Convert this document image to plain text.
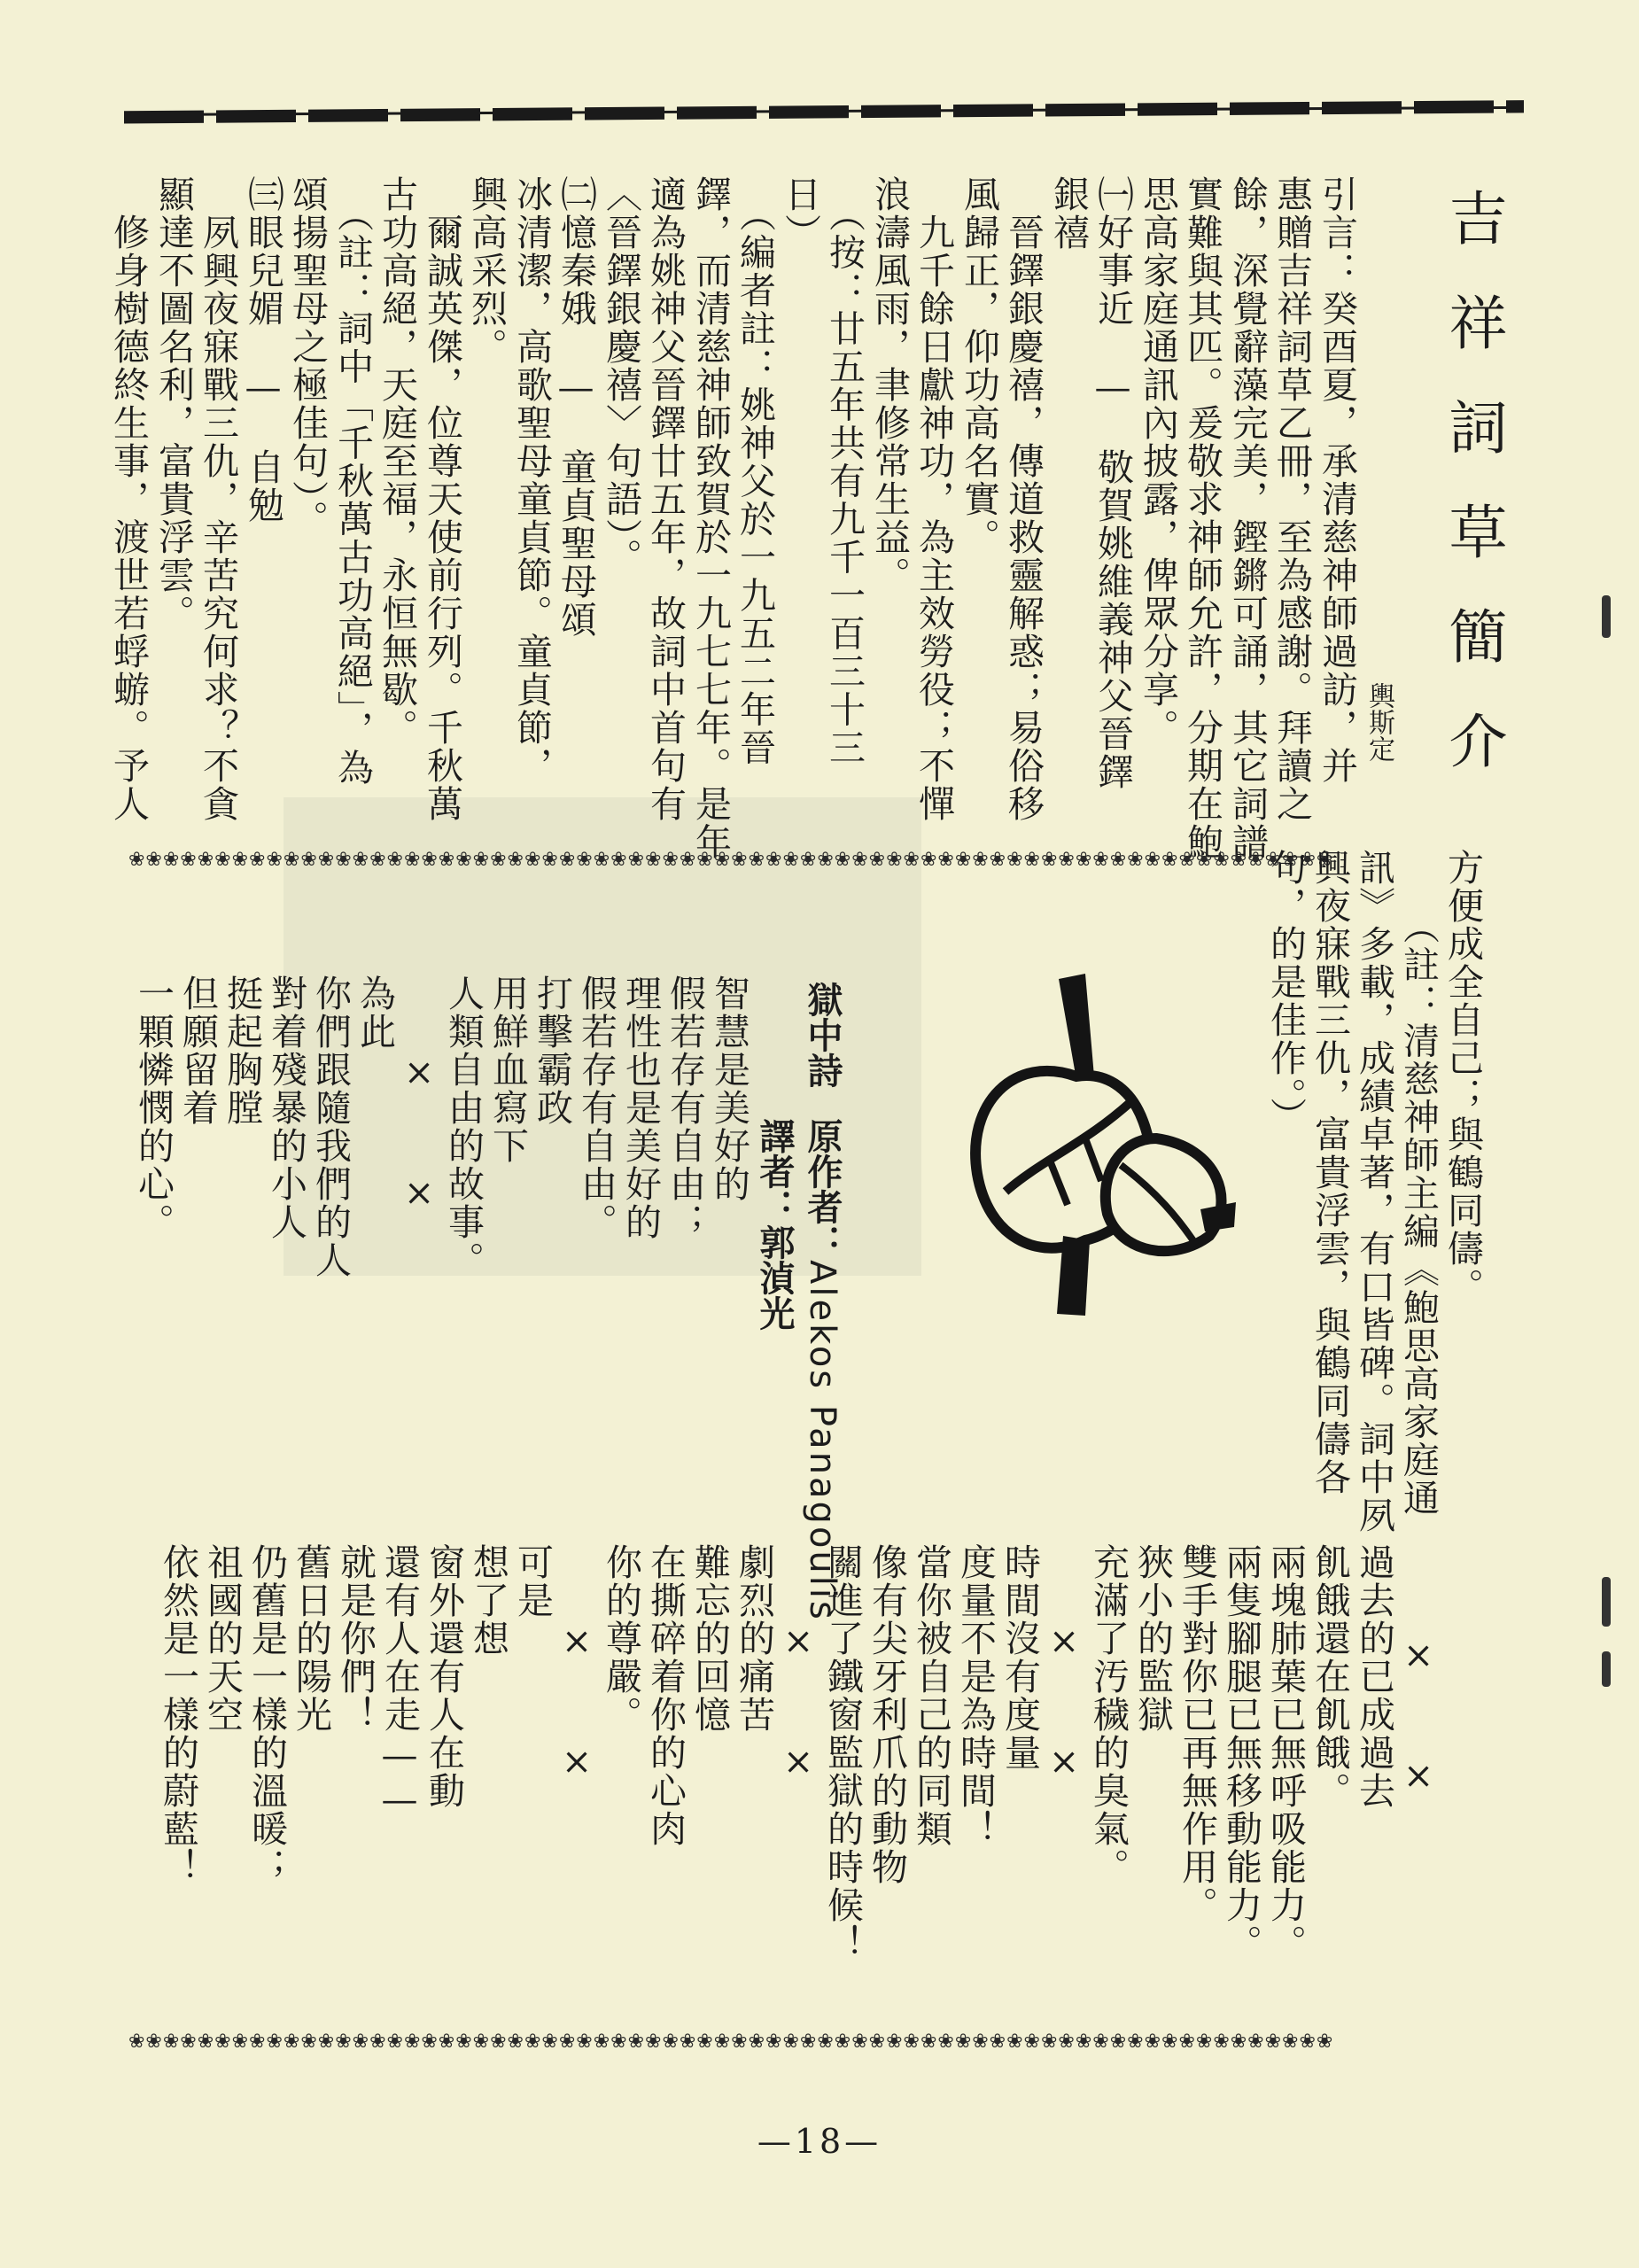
吉祥詞草簡介
輿斯定
引言：癸酉夏，承清慈神師過訪，并
惠贈吉祥詞草乙冊，至為感謝。拜讀之
餘，深覺辭藻完美，鏗鏘可誦，其它詞譜
實難與其匹。爰敬求神師允許，分期在鮑
思高家庭通訊內披露，俾眾分享。
㈠好事近　—　敬賀姚維義神父晉鐸
銀禧
　晉鐸銀慶禧，傳道救靈解惑；易俗移
風歸正，仰功高名實。
　九千餘日獻神功，為主效勞役；不憚
浪濤風雨，聿修常生益。
　（按：廿五年共有九千一百三十三
日）
　（編者註：姚神父於一九五二年晉
鐸，而清慈神師致賀於一九七七年。是年
適為姚神父晉鐸廿五年，故詞中首句有
〈晉鐸銀慶禧〉句語）。
㈡憶秦娥　—　童貞聖母頌
冰清潔，高歌聖母童貞節。童貞節，
興高采烈。
　爾誠英傑，位尊天使前行列。千秋萬
古功高絕，天庭至福，永恒無歇。
　（註：詞中「千秋萬古功高絕」，為
頌揚聖母之極佳句）。
㈢眼兒媚　—　自勉
　夙興夜寐戰三仇，辛苦究何求？不貪
顯達不圖名利，富貴浮雲。
　修身樹德終生事，渡世若蜉蝣。予人
❀❀❀❀❀❀❀❀❀❀❀❀❀❀❀❀❀❀❀❀❀❀❀❀❀❀❀❀❀❀❀❀❀❀❀❀❀❀❀❀❀❀❀❀❀❀❀❀❀❀❀❀❀❀❀❀❀❀❀❀❀❀❀❀❀❀❀❀❀❀	方便成全自己；與鶴同儔。
　（註：清慈神師主編《鮑思高家庭通
訊》多載，成績卓著，有口皆碑。詞中夙
興夜寐戰三仇，富貴浮雲，與鶴同儔各
句，的是佳作。）
獄中詩
原作者：Alekos Panagoulis
譯者：郭湞光
智慧是美好的
假若存有自由；
理性也是美好的
假若存有自由。
打擊霸政
用鮮血寫下
人類自由的故事。
　　×　　×
為此
你們跟隨我們的人
對着殘暴的小人
挺起胸膛
但願留着
一顆憐憫的心。
　　×　　×
過去的已成過去
飢餓還在飢餓。
兩塊肺葉已無呼吸能力。
兩隻腳腿已無移動能力。
雙手對你已再無作用。
狹小的監獄
充滿了汚穢的臭氣。
　　×　　×
時間沒有度量
度量不是為時間！
當你被自己的同類
像有尖牙利爪的動物
關進了鐵窗監獄的時候！
　　×　　×
劇烈的痛苦
難忘的回憶
在撕碎着你的心肉
你的尊嚴。
　　×　　×
可是
想了想
窗外還有人在動
還有人在走——
就是你們！
舊日的陽光
仍舊是一樣的溫暖；
祖國的天空
依然是一樣的蔚藍！
❀❀❀❀❀❀❀❀❀❀❀❀❀❀❀❀❀❀❀❀❀❀❀❀❀❀❀❀❀❀❀❀❀❀❀❀❀❀❀❀❀❀❀❀❀❀❀❀❀❀❀❀❀❀❀❀❀❀❀❀❀❀❀❀❀❀❀❀❀❀
—18—
